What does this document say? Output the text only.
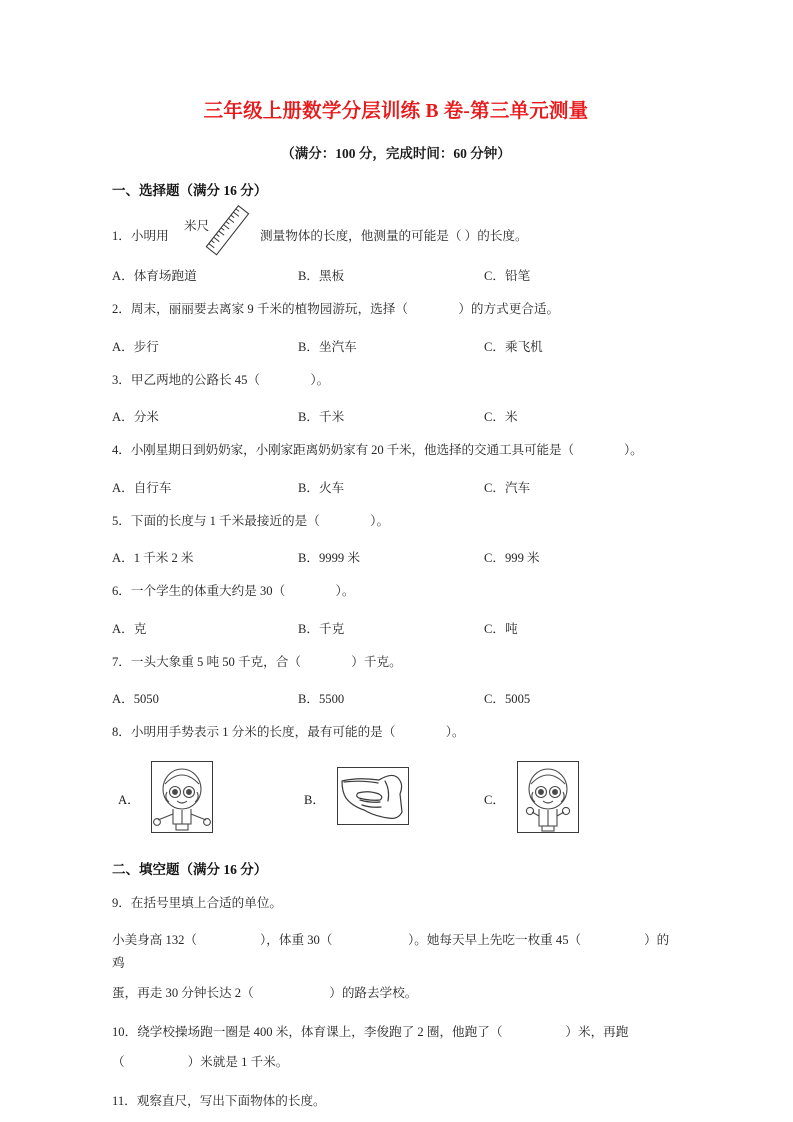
三年级上册数学分层训练 B 卷-第三单元测量
（满分：100 分，完成时间：60 分钟）
一、选择题（满分 16 分）
1．小明用
米尺
测量物体的长度，他测量的可能是（ ）的长度。
A．体育场跑道	B．黑板	C．铅笔
2．周末，丽丽要去离家 9 千米的植物园游玩，选择（　　　　）的方式更合适。
A．步行	B．坐汽车	C．乘飞机
3．甲乙两地的公路长 45（　　　　）。
A．分米	B．千米	C．米
4．小刚星期日到奶奶家，小刚家距离奶奶家有 20 千米，他选择的交通工具可能是（　　　　）。
A．自行车	B．火车	C．汽车
5．下面的长度与 1 千米最接近的是（　　　　）。
A．1 千米 2 米	B．9999 米	C．999 米
6．一个学生的体重大约是 30（　　　　）。
A．克	B．千克	C．吨
7．一头大象重 5 吨 50 千克，合（　　　　）千克。
A．5050	B．5500	C．5005
8．小明用手势表示 1 分米的长度，最有可能的是（　　　　）。
A．	B．	C．
二、填空题（满分 16 分）
9．在括号里填上合适的单位。
小美身高 132（　　　　　），体重 30（　　　　　　）。她每天早上先吃一枚重 45（　　　　　）的鸡
蛋，再走 30 分钟长达 2（　　　　　　）的路去学校。
10．绕学校操场跑一圈是 400 米，体育课上，李俊跑了 2 圈，他跑了（　　　　　）米，再跑
（　　　　　）米就是 1 千米。
11．观察直尺，写出下面物体的长度。
